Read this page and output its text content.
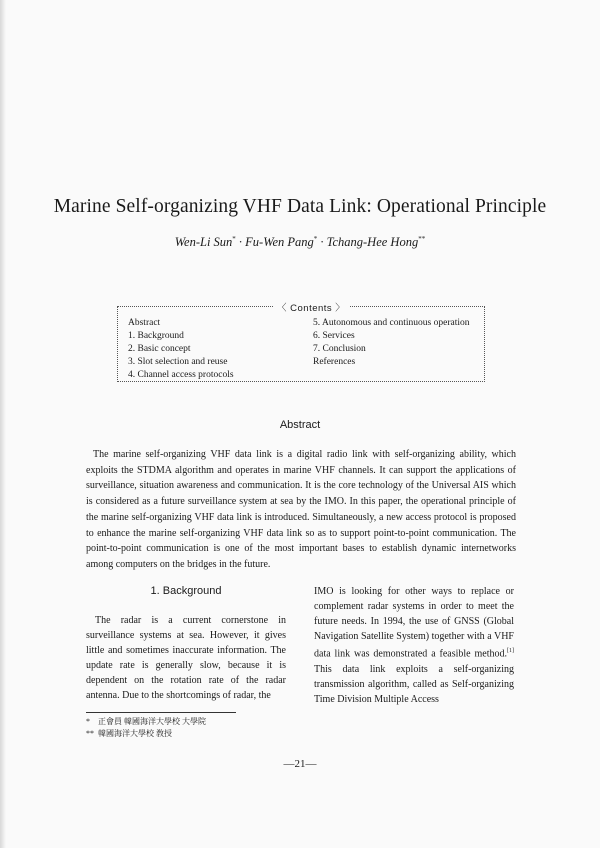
Marine Self-organizing VHF Data Link: Operational Principle
Wen-Li Sun* · Fu-Wen Pang* · Tchang-Hee Hong**
〈 Contents 〉
Abstract
1. Background
2. Basic concept
3. Slot selection and reuse
4. Channel access protocols
5. Autonomous and continuous operation
6. Services
7. Conclusion
References
Abstract
The marine self-organizing VHF data link is a digital radio link with self-organizing ability, which exploits the STDMA algorithm and operates in marine VHF channels. It can support the applications of surveillance, situation awareness and communication. It is the core technology of the Universal AIS which is considered as a future surveillance system at sea by the IMO. In this paper, the operational principle of the marine self-organizing VHF data link is introduced. Simultaneously, a new access protocol is proposed to enhance the marine self-organizing VHF data link so as to support point-to-point communication. The point-to-point communication is one of the most important bases to establish dynamic internetworks among computers on the bridges in the future.
1. Background
The radar is a current cornerstone in surveillance systems at sea. However, it gives little and sometimes inaccurate information. The update rate is generally slow, because it is dependent on the rotation rate of the radar antenna. Due to the shortcomings of radar, the
IMO is looking for other ways to replace or complement radar systems in order to meet the future needs. In 1994, the use of GNSS (Global Navigation Satellite System) together with a VHF data link was demonstrated a feasible method.[1] This data link exploits a self-organizing transmission algorithm, called as Self-organizing Time Division Multiple Access
* 正會員 韓國海洋大學校 大學院
** 韓國海洋大學校 敎授
—21—
